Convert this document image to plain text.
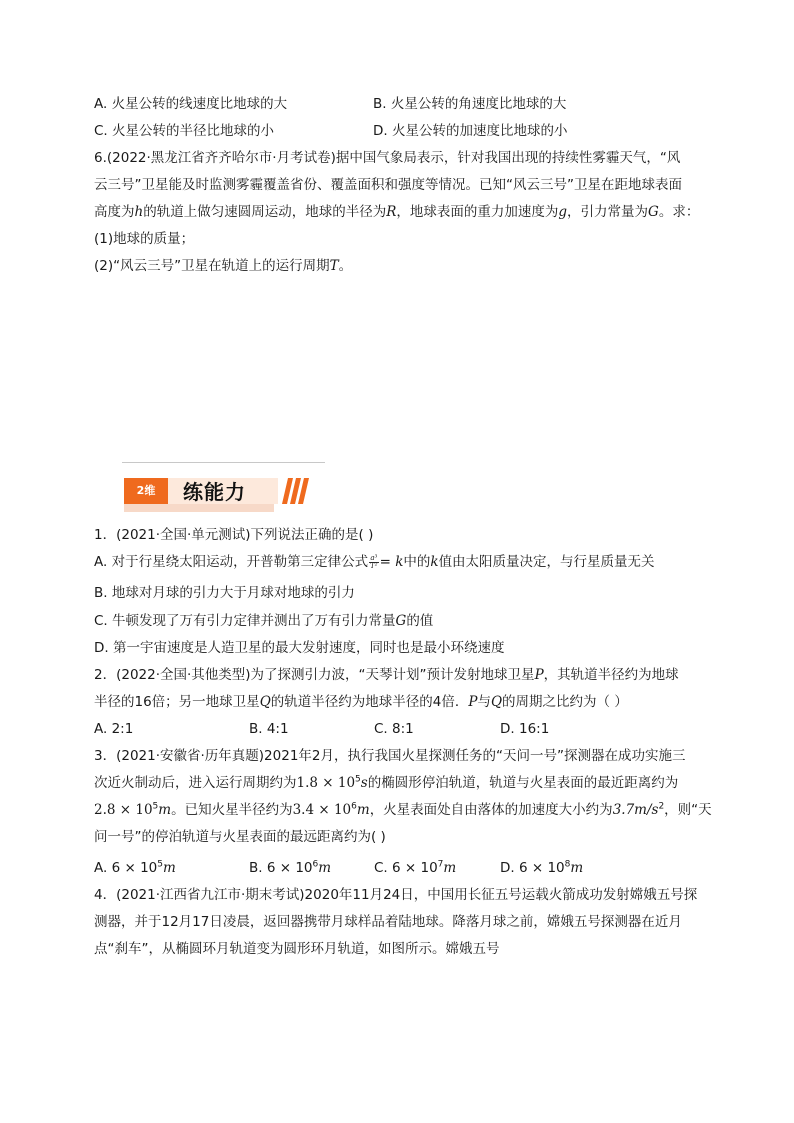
A. 火星公转的线速度比地球的大	B. 火星公转的角速度比地球的大
C. 火星公转的半径比地球的小	D. 火星公转的加速度比地球的小
6.(2022·黑龙江省齐齐哈尔市·月考试卷)据中国气象局表示，针对我国出现的持续性雾霾天气，“风
云三号”卫星能及时监测雾霾覆盖省份、覆盖面积和强度等情况。已知“风云三号”卫星在距地球表面
高度为h的轨道上做匀速圆周运动，地球的半径为R，地球表面的重力加速度为g，引力常量为G。求：
(1)地球的质量；
(2)“风云三号”卫星在轨道上的运行周期T。
2维	练能力
1．(2021·全国·单元测试)下列说法正确的是( )
A. 对于行星绕太阳运动，开普勒第三定律公式 $\frac{\text{a³}}{\text{T²}} = k$中的k值由太阳质量决定，与行星质量无关
B. 地球对月球的引力大于月球对地球的引力
C. 牛顿发现了万有引力定律并测出了万有引力常量G的值
D. 第一宇宙速度是人造卫星的最大发射速度，同时也是最小环绕速度
2．(2022·全国·其他类型)为了探测引力波，“天琴计划”预计发射地球卫星P，其轨道半径约为地球
半径的16倍；另一地球卫星Q的轨道半径约为地球半径的4倍．P与Q的周期之比约为（ ）
A. 2:1	B. 4:1	C. 8:1	D. 16:1
3．(2021·安徽省·历年真题)2021年2月，执行我国火星探测任务的“天问一号”探测器在成功实施三
次近火制动后，进入运行周期约为$1.8 \times 10^5s$的椭圆形停泊轨道，轨道与火星表面的最近距离约为
$2.8 \times 10^5m$。已知火星半径约为$3.4 \times 10^6m$，火星表面处自由落体的加速度大小约为$3.7m/s^2$，则“天
问一号”的停泊轨道与火星表面的最远距离约为( )
A. $6 \times 10^5m$	B. $6 \times 10^6m$	C. $6 \times 10^7m$	D. $6 \times 10^8m$
4．(2021·江西省九江市·期末考试)2020年11月24日，中国用长征五号运载火箭成功发射嫦娥五号探
测器，并于12月17日凌晨，返回器携带月球样品着陆地球。降落月球之前，嫦娥五号探测器在近月
点“刹车”，从椭圆环月轨道变为圆形环月轨道，如图所示。嫦娥五号
